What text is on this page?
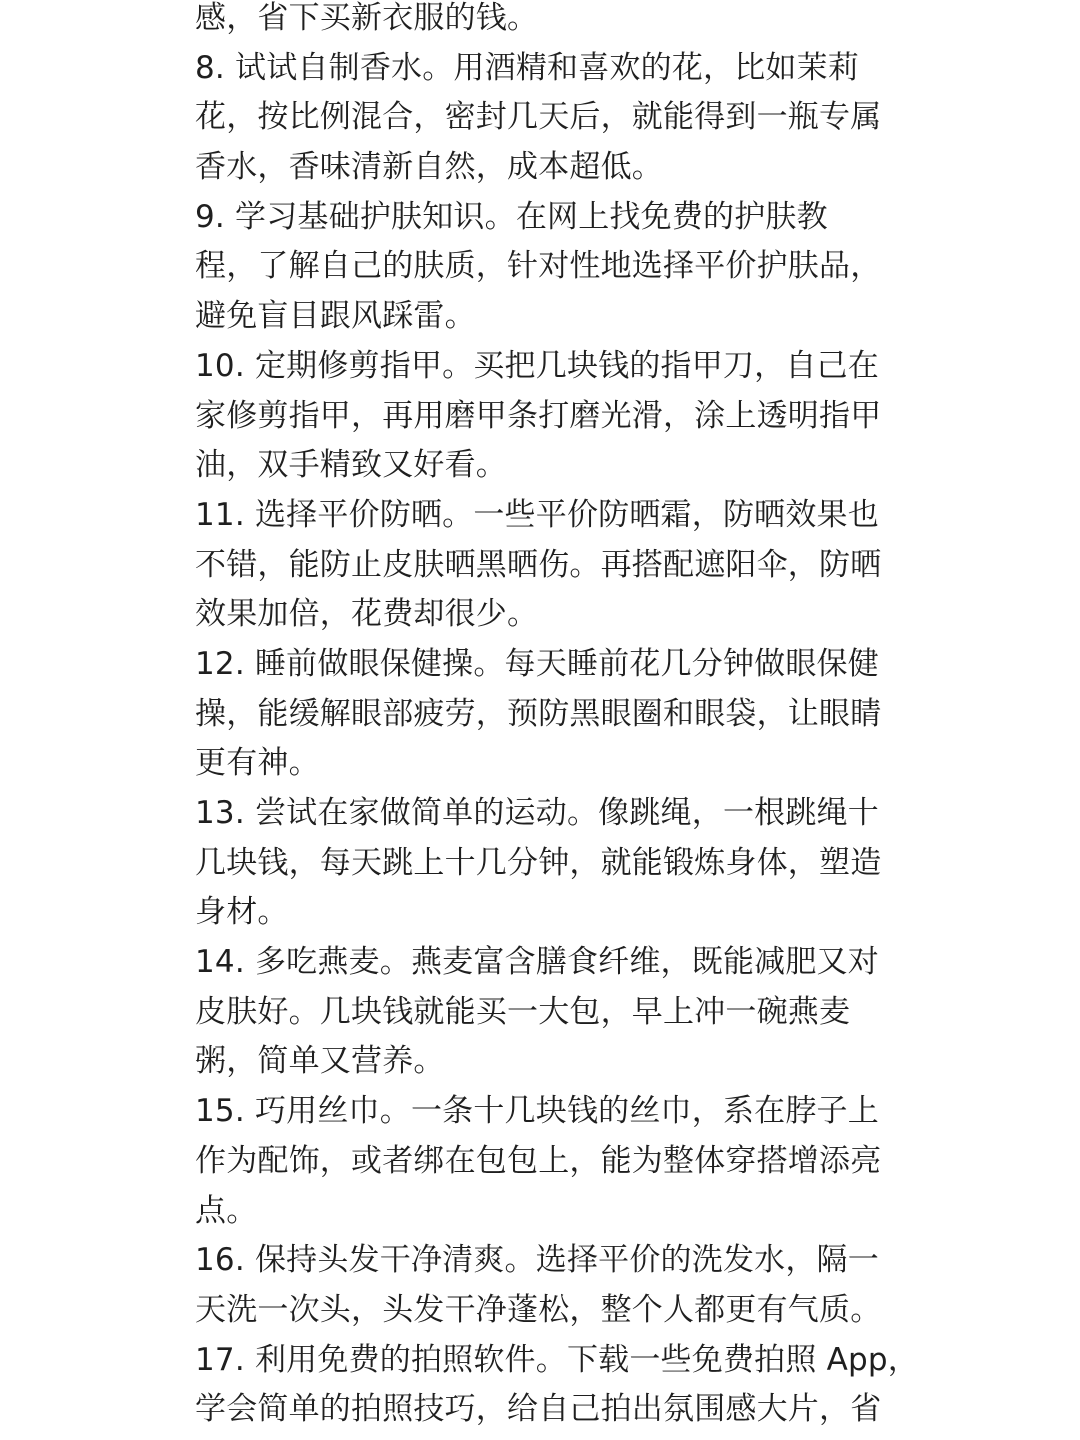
感，省下买新衣服的钱。
8. 试试自制香水。用酒精和喜欢的花，比如茉莉
花，按比例混合，密封几天后，就能得到一瓶专属
香水，香味清新自然，成本超低。
9. 学习基础护肤知识。在网上找免费的护肤教
程，了解自己的肤质，针对性地选择平价护肤品，
避免盲目跟风踩雷。
10. 定期修剪指甲。买把几块钱的指甲刀，自己在
家修剪指甲，再用磨甲条打磨光滑，涂上透明指甲
油，双手精致又好看。
11. 选择平价防晒。一些平价防晒霜，防晒效果也
不错，能防止皮肤晒黑晒伤。再搭配遮阳伞，防晒
效果加倍，花费却很少。
12. 睡前做眼保健操。每天睡前花几分钟做眼保健
操，能缓解眼部疲劳，预防黑眼圈和眼袋，让眼睛
更有神。
13. 尝试在家做简单的运动。像跳绳，一根跳绳十
几块钱，每天跳上十几分钟，就能锻炼身体，塑造
身材。
14. 多吃燕麦。燕麦富含膳食纤维，既能减肥又对
皮肤好。几块钱就能买一大包，早上冲一碗燕麦
粥，简单又营养。
15. 巧用丝巾。一条十几块钱的丝巾，系在脖子上
作为配饰，或者绑在包包上，能为整体穿搭增添亮
点。
16. 保持头发干净清爽。选择平价的洗发水，隔一
天洗一次头，头发干净蓬松，整个人都更有气质。
17. 利用免费的拍照软件。下载一些免费拍照 App，
学会简单的拍照技巧，给自己拍出氛围感大片，省
